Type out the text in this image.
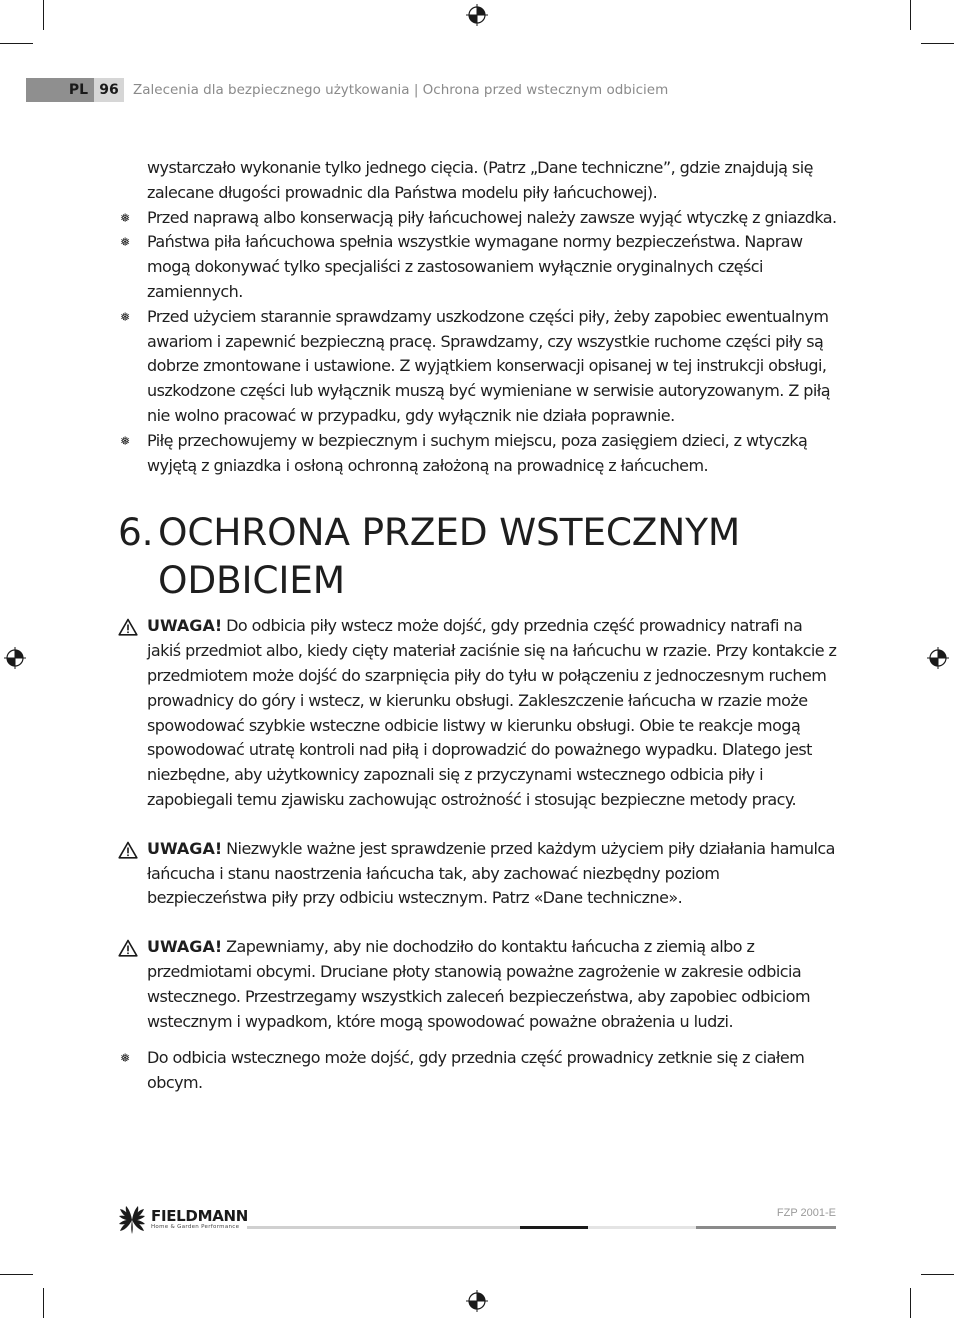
PL 96	Zalecenia dla bezpiecznego użytkowania | Ochrona przed wstecznym odbiciem

wystarczało wykonanie tylko jednego cięcia. (Patrz „Dane techniczne”, gdzie znajdują się zalecane długości prowadnic dla Państwa modelu piły łańcuchowej).

❅ Przed naprawą albo konserwacją piły łańcuchowej należy zawsze wyjąć wtyczkę z gniazdka.

❅ Państwa piła łańcuchowa spełnia wszystkie wymagane normy bezpieczeństwa. Napraw mogą dokonywać tylko specjaliści z zastosowaniem wyłącznie oryginalnych części zamiennych.

❅ Przed użyciem starannie sprawdzamy uszkodzone części piły, żeby zapobiec ewentualnym awariom i zapewnić bezpieczną pracę. Sprawdzamy, czy wszystkie ruchome części piły są dobrze zmontowane i ustawione. Z wyjątkiem konserwacji opisanej w tej instrukcji obsługi, uszkodzone części lub wyłącznik muszą być wymieniane w serwisie autoryzowanym. Z piłą nie wolno pracować w przypadku, gdy wyłącznik nie działa poprawnie.

❅ Piłę przechowujemy w bezpiecznym i suchym miejscu, poza zasięgiem dzieci, z wtyczką wyjętą z gniazdka i osłoną ochronną założoną na prowadnicę z łańcuchem.

6. OCHRONA PRZED WSTECZNYM
ODBICIEM

UWAGA! Do odbicia piły wstecz może dojść, gdy przednia część prowadnicy natrafi na jakiś przedmiot albo, kiedy cięty materiał zaciśnie się na łańcuchu w rzazie. Przy kontakcie z przedmiotem może dojść do szarpnięcia piły do tyłu w połączeniu z jednoczesnym ruchem prowadnicy do góry i wstecz, w kierunku obsługi. Zakleszczenie łańcucha w rzazie może spowodować szybkie wsteczne odbicie listwy w kierunku obsługi. Obie te reakcje mogą spowodować utratę kontroli nad piłą i doprowadzić do poważnego wypadku. Dlatego jest niezbędne, aby użytkownicy zapoznali się z przyczynami wstecznego odbicia piły i zapobiegali temu zjawisku zachowując ostrożność i stosując bezpieczne metody pracy.

UWAGA! Niezwykle ważne jest sprawdzenie przed każdym użyciem piły działania hamulca łańcucha i stanu naostrzenia łańcucha tak, aby zachować niezbędny poziom bezpieczeństwa piły przy odbiciu wstecznym. Patrz «Dane techniczne».

UWAGA! Zapewniamy, aby nie dochodziło do kontaktu łańcucha z ziemią albo z przedmiotami obcymi. Druciane płoty stanowią poważne zagrożenie w zakresie odbicia wstecznego. Przestrzegamy wszystkich zaleceń bezpieczeństwa, aby zapobiec odbiciom wstecznym i wypadkom, które mogą spowodować poważne obrażenia u ludzi.

❅ Do odbicia wstecznego może dojść, gdy przednia część prowadnicy zetknie się z ciałem obcym.

FIELDMANN
Home & Garden Performance
FZP 2001-E
